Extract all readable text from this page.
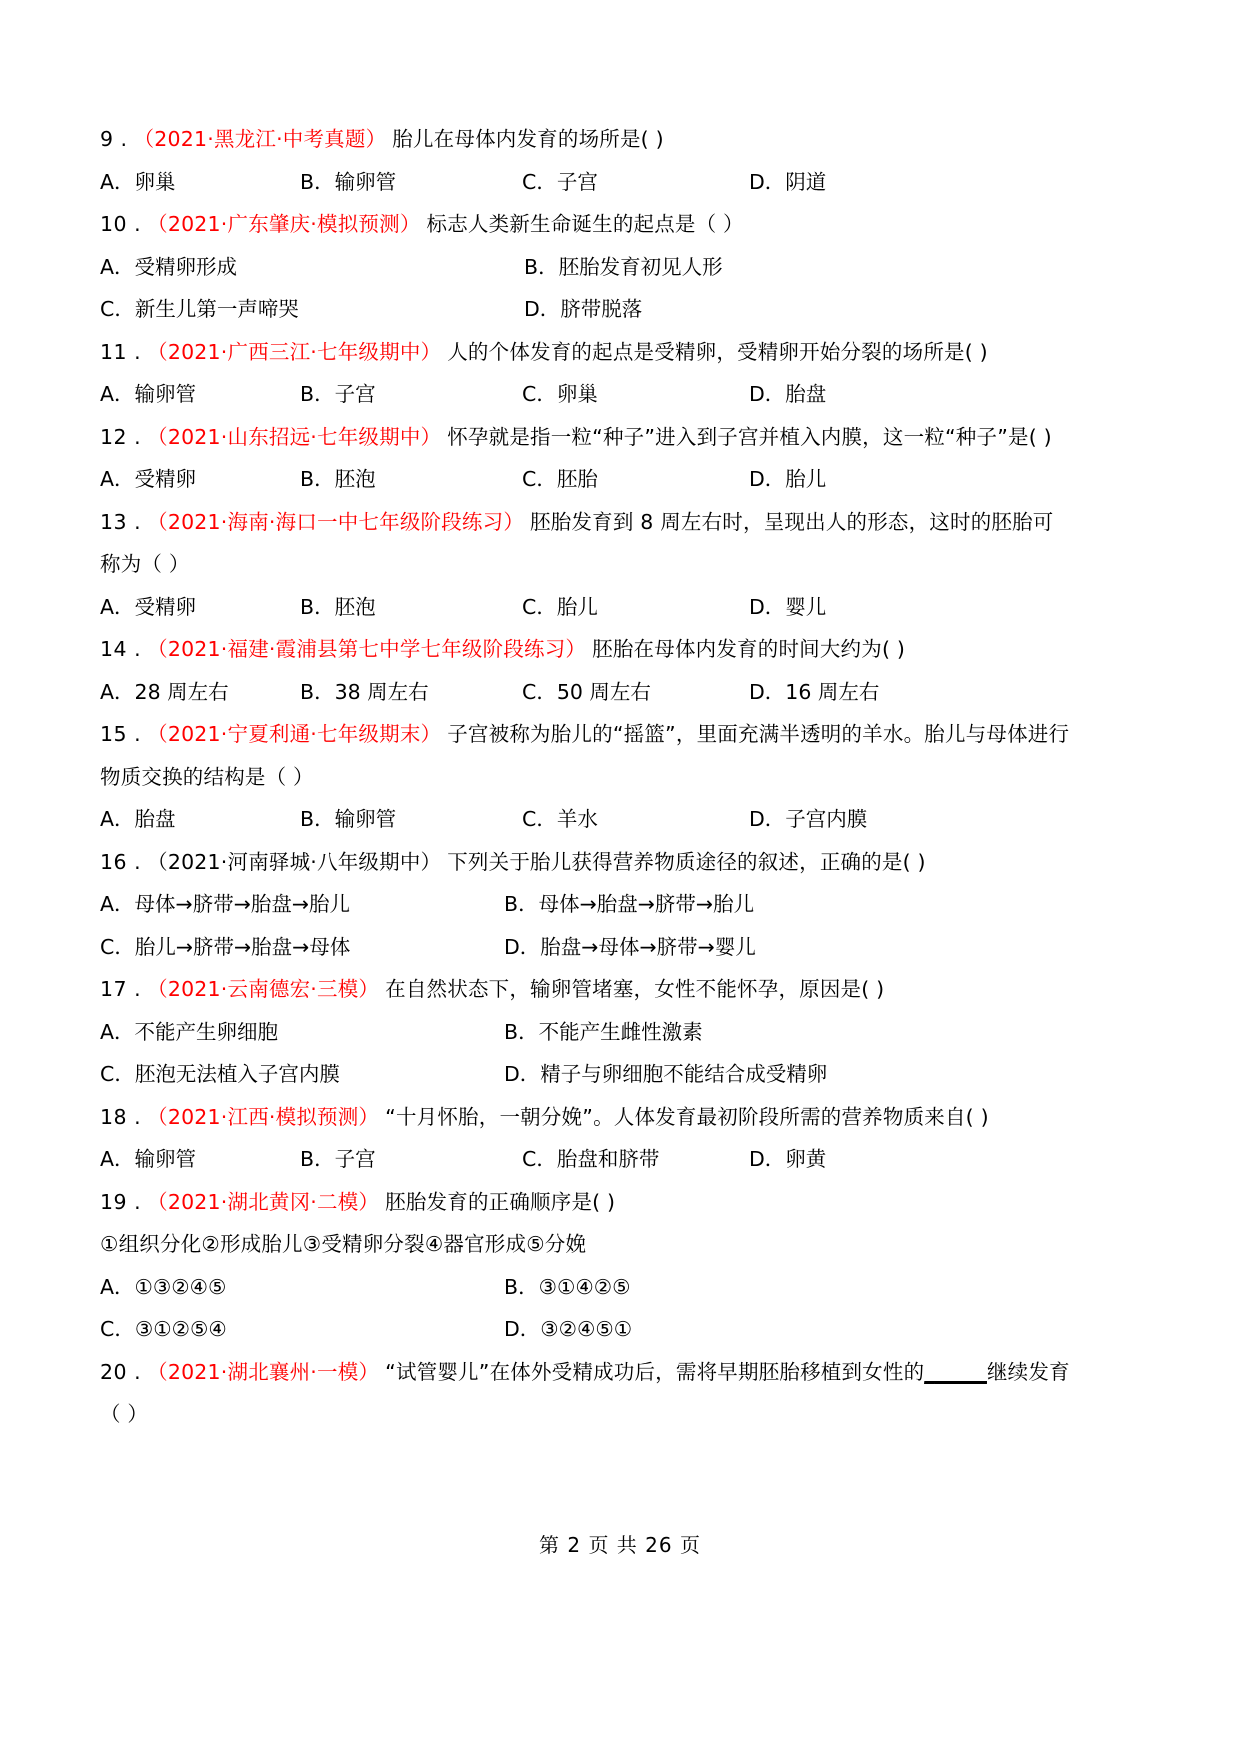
9 . （2021·黑龙江·中考真题） 胎儿在母体内发育的场所是( )
A．卵巢	B．输卵管	C．子宫	D．阴道
10 . （2021·广东肇庆·模拟预测） 标志人类新生命诞生的起点是（ ）
A．受精卵形成	B．胚胎发育初见人形
C．新生儿第一声啼哭	D．脐带脱落
11 . （2021·广西三江·七年级期中） 人的个体发育的起点是受精卵，受精卵开始分裂的场所是( )
A．输卵管	B．子宫	C．卵巢	D．胎盘
12 . （2021·山东招远·七年级期中） 怀孕就是指一粒“种子”进入到子宫并植入内膜，这一粒“种子”是( )
A．受精卵	B．胚泡	C．胚胎	D．胎儿
13 . （2021·海南·海口一中七年级阶段练习） 胚胎发育到 8 周左右时，呈现出人的形态，这时的胚胎可
称为（ ）
A．受精卵	B．胚泡	C．胎儿	D．婴儿
14 . （2021·福建·霞浦县第七中学七年级阶段练习） 胚胎在母体内发育的时间大约为( )
A．28 周左右	B．38 周左右	C．50 周左右	D．16 周左右
15 . （2021·宁夏利通·七年级期末） 子宫被称为胎儿的“摇篮”，里面充满半透明的羊水。胎儿与母体进行
物质交换的结构是（ ）
A．胎盘	B．输卵管	C．羊水	D．子宫内膜
16 . （2021·河南驿城·八年级期中） 下列关于胎儿获得营养物质途径的叙述，正确的是( )
A．母体→脐带→胎盘→胎儿	B．母体→胎盘→脐带→胎儿
C．胎儿→脐带→胎盘→母体	D．胎盘→母体→脐带→婴儿
17 . （2021·云南德宏·三模） 在自然状态下，输卵管堵塞，女性不能怀孕，原因是( )
A．不能产生卵细胞	B．不能产生雌性激素
C．胚泡无法植入子宫内膜	D．精子与卵细胞不能结合成受精卵
18 . （2021·江西·模拟预测） “十月怀胎，一朝分娩”。人体发育最初阶段所需的营养物质来自( )
A．输卵管	B．子宫	C．胎盘和脐带	D．卵黄
19 . （2021·湖北黄冈·二模） 胚胎发育的正确顺序是( )
①组织分化②形成胎儿③受精卵分裂④器官形成⑤分娩
A．①③②④⑤	B．③①④②⑤
C．③①②⑤④	D．③②④⑤①
20 . （2021·湖北襄州·一模） “试管婴儿”在体外受精成功后，需将早期胚胎移植到女性的______继续发育
（ ）
第 2 页 共 26 页
